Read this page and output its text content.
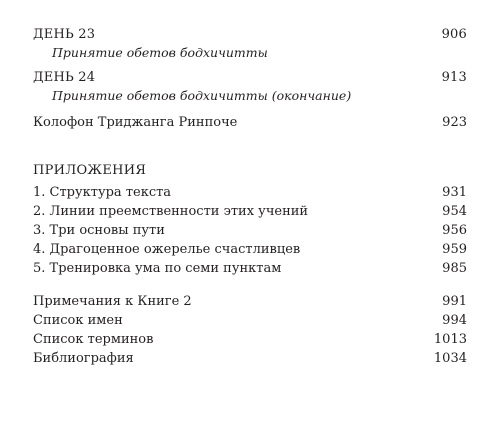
ДЕНЬ 23	906
Принятие обетов бодхичитты
ДЕНЬ 24	913
Принятие обетов бодхичитты (окончание)
Колофон Триджанга Ринпоче	923
ПРИЛОЖЕНИЯ
1. Структура текста	931
2. Линии преемственности этих учений	954
3. Три основы пути	956
4. Драгоценное ожерелье счастливцев	959
5. Тренировка ума по семи пунктам	985
Примечания к Книге 2	991
Список имен	994
Список терминов	1013
Библиография	1034
